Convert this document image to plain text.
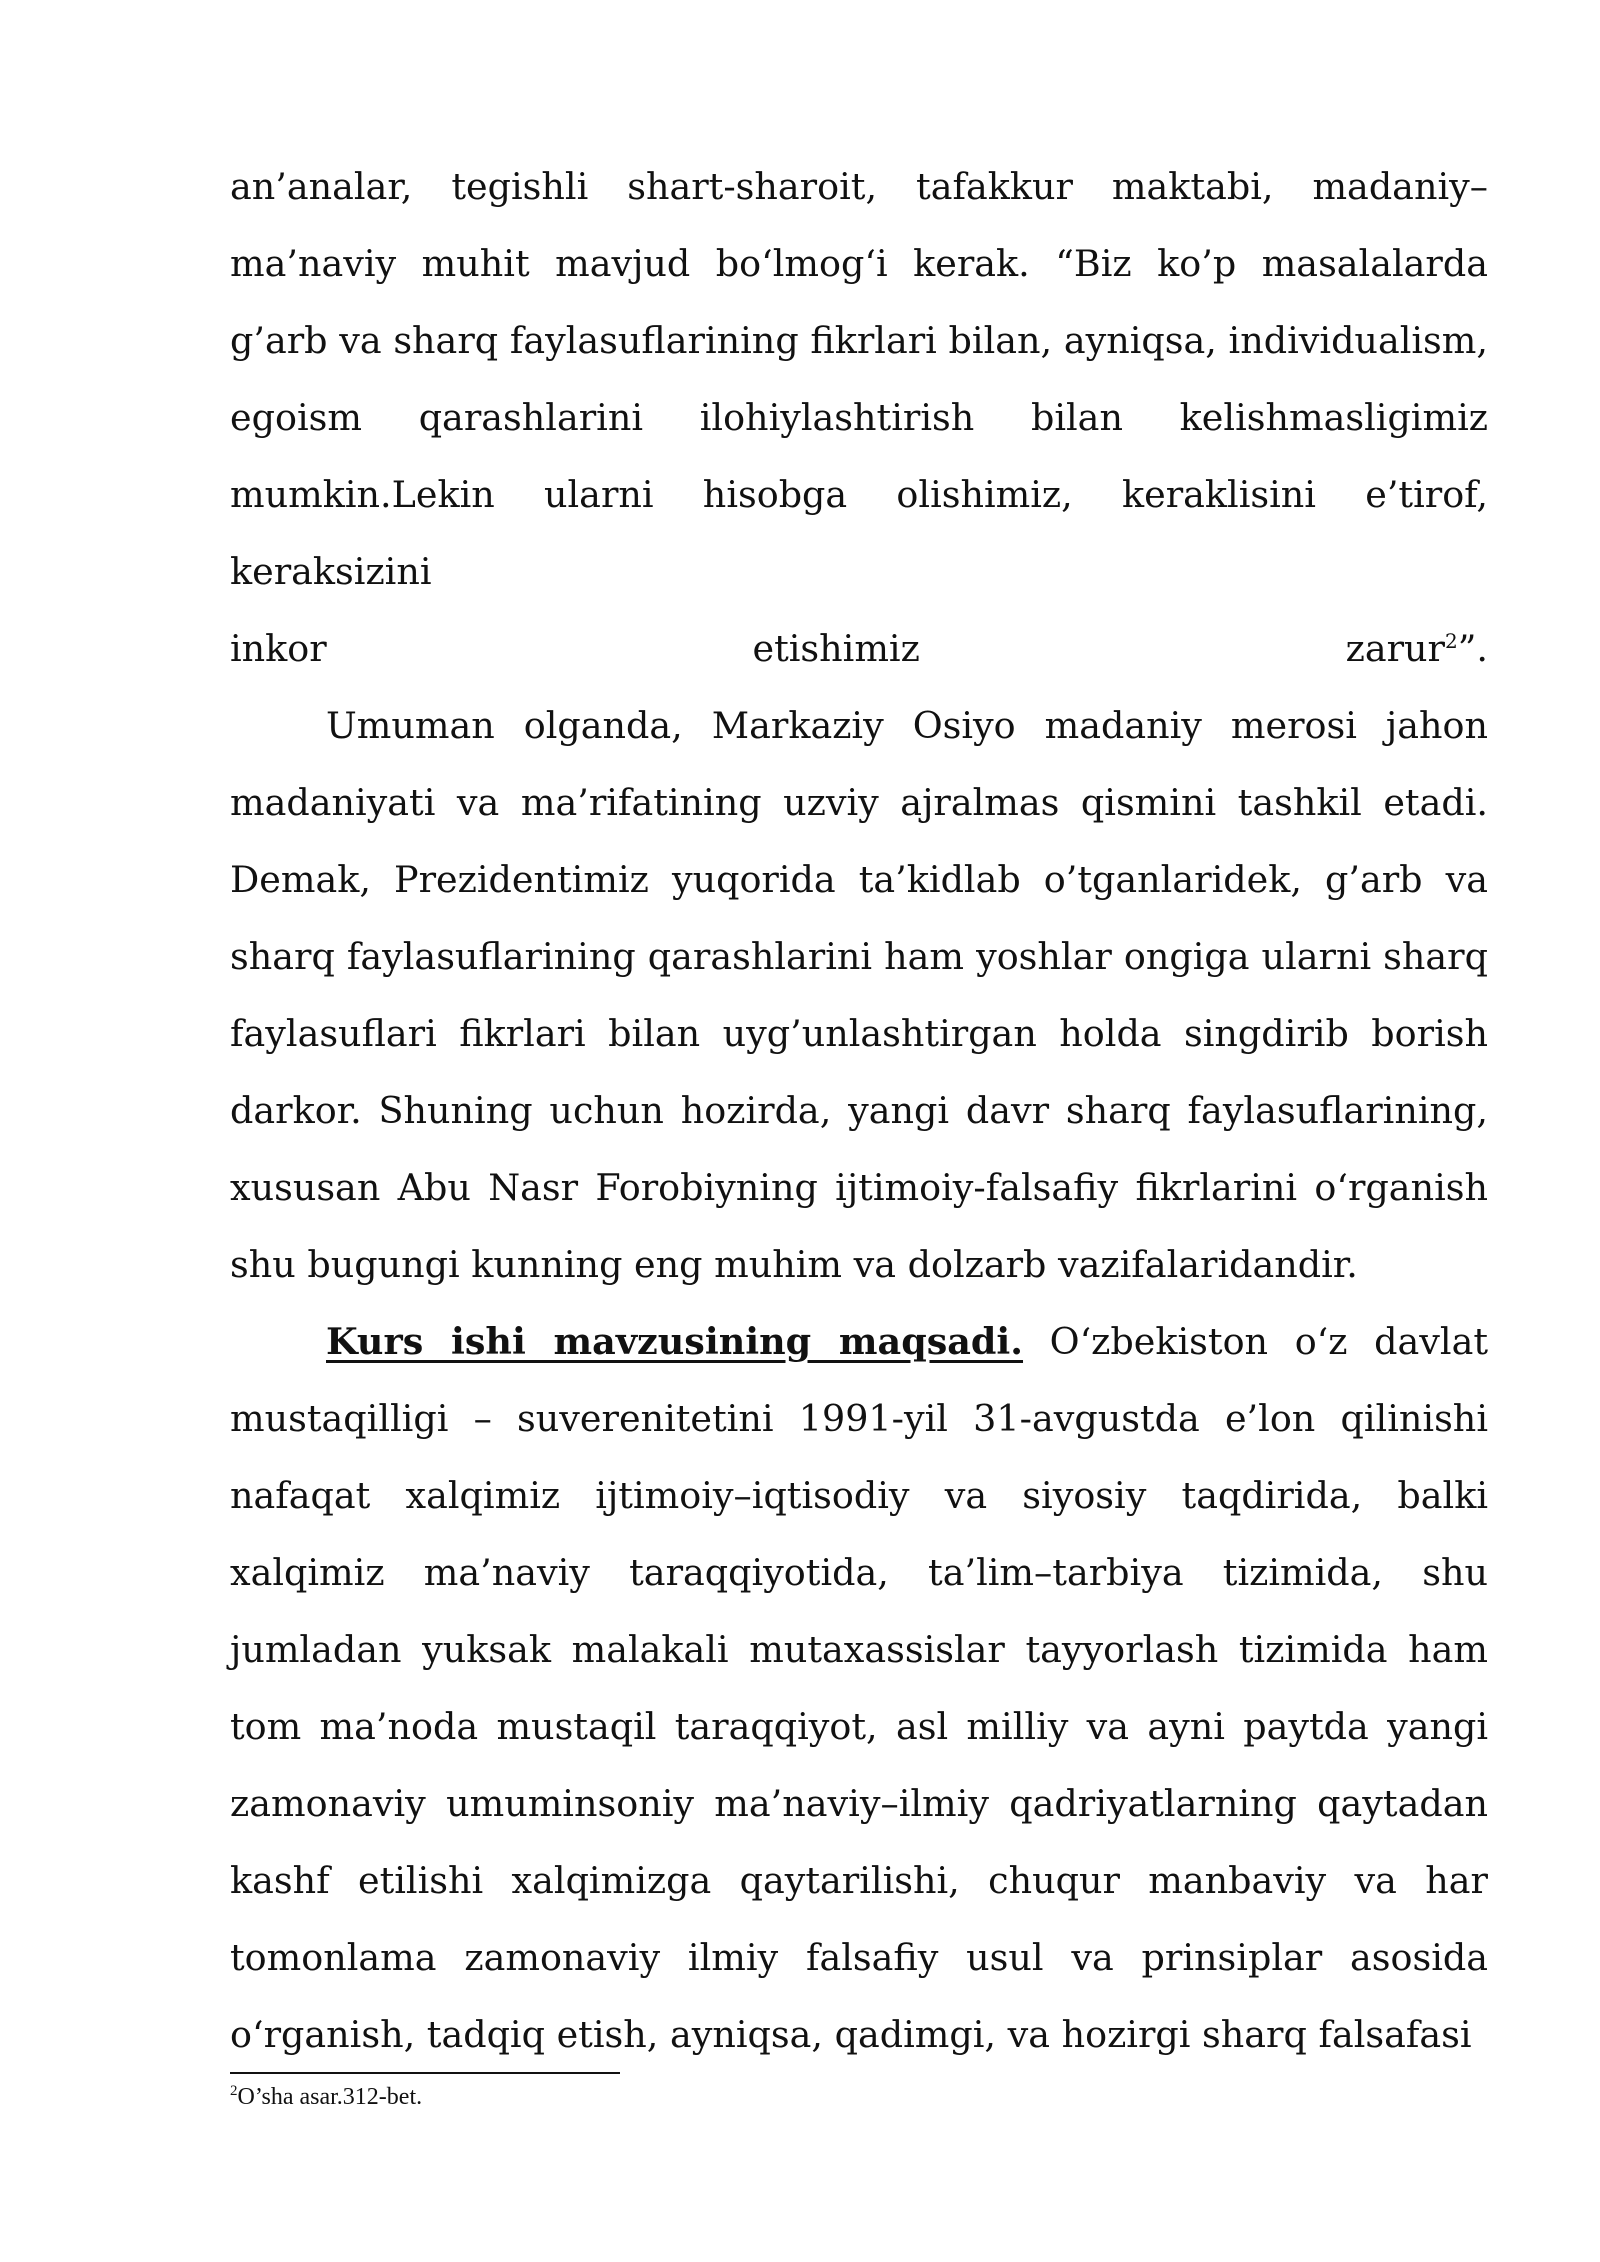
an’analar, tegishli shart-sharoit, tafakkur maktabi, madaniy–ma’naviy muhit mavjud bo‘lmog‘i kerak. “Biz ko’p masalalarda g’arb va sharq faylasuflarining fikrlari bilan, ayniqsa, individualism, egoism qarashlarini ilohiylashtirish bilan kelishmasligimiz mumkin.Lekin ularni hisobga olishimiz, keraklisini e’tirof, keraksizini

inkor etishimiz zarur$^2$”.

Umuman olganda, Markaziy Osiyo madaniy merosi jahon madaniyati va ma’rifatining uzviy ajralmas qismini tashkil etadi. Demak, Prezidentimiz yuqorida ta’kidlab o’tganlaridek, g’arb va sharq faylasuflarining qarashlarini ham yoshlar ongiga ularni sharq faylasuflari fikrlari bilan uyg’unlashtirgan holda singdirib borish darkor. Shuning uchun hozirda, yangi davr sharq faylasuflarining, xususan Abu Nasr Forobiyning ijtimoiy-falsafiy fikrlarini o‘rganish shu bugungi kunning eng muhim va dolzarb vazifalaridandir.

Kurs ishi mavzusining maqsadi. O‘zbekiston o‘z davlat mustaqilligi – suverenitetini 1991-yil 31-avgustda e’lon qilinishi nafaqat xalqimiz ijtimoiy–iqtisodiy va siyosiy taqdirida, balki xalqimiz ma’naviy taraqqiyotida, ta’lim–tarbiya tizimida, shu jumladan yuksak malakali mutaxassislar tayyorlash tizimida ham tom ma’noda mustaqil taraqqiyot, asl milliy va ayni paytda yangi zamonaviy umuminsoniy ma’naviy–ilmiy qadriyatlarning qaytadan kashf etilishi xalqimizga qaytarilishi, chuqur manbaviy va har tomonlama zamonaviy ilmiy falsafiy usul va prinsiplar asosida o‘rganish, tadqiq etish, ayniqsa, qadimgi, va hozirgi sharq falsafasi

$^2$O’sha asar.312-bet.
